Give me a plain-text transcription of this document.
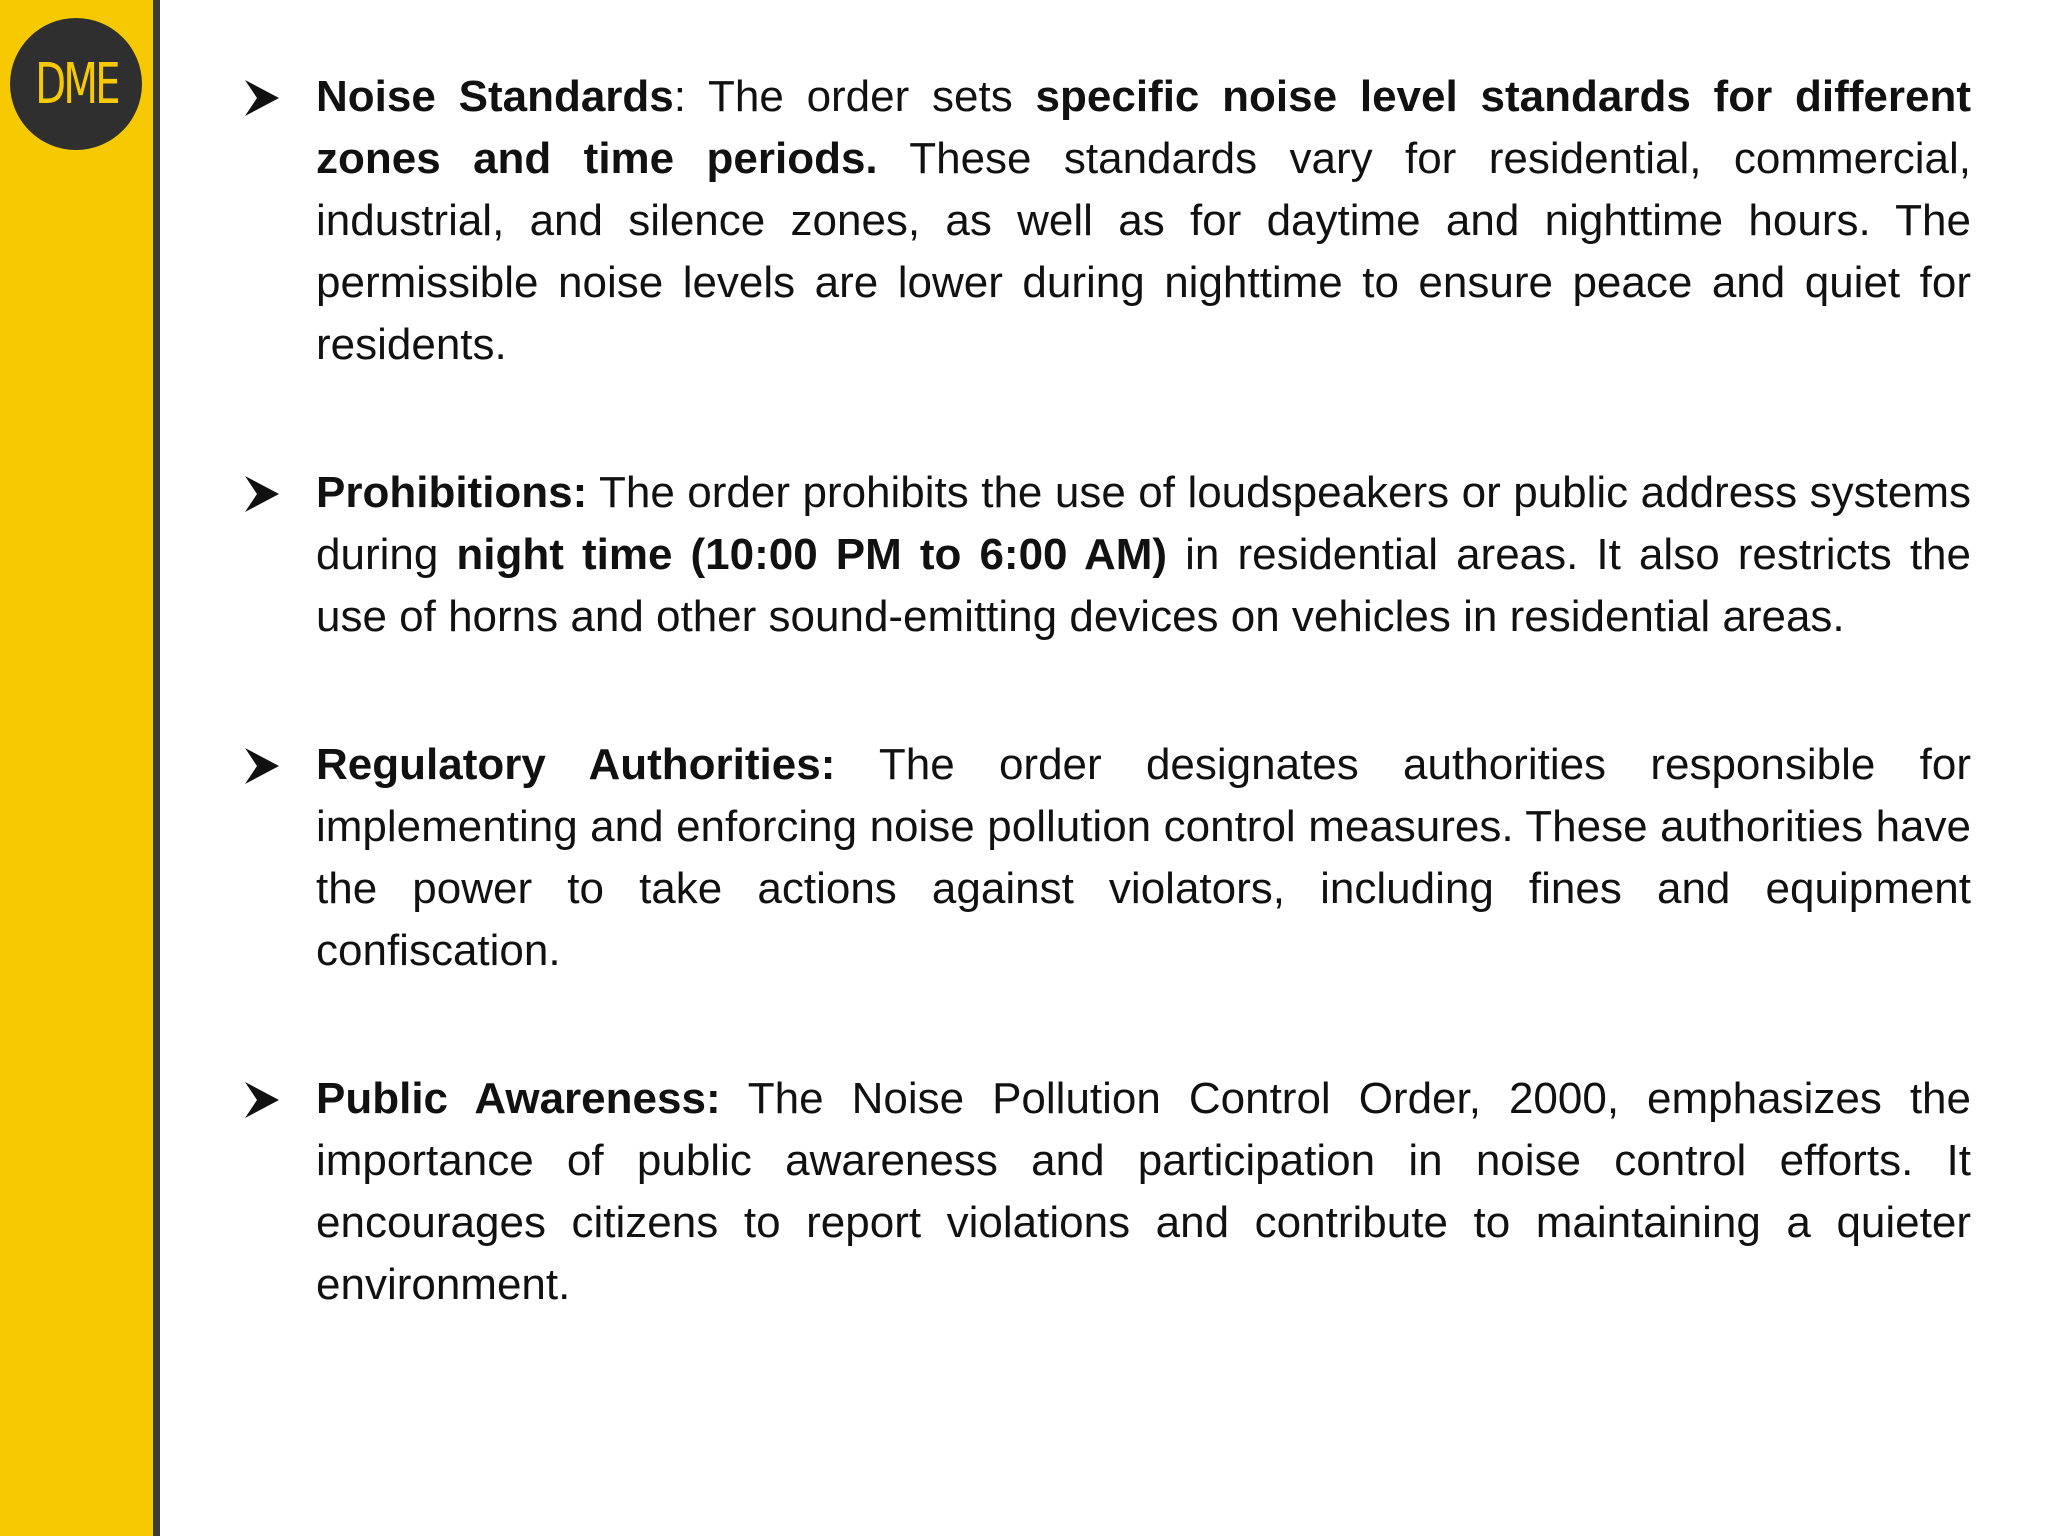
DME	Noise Standards: The order sets specific noise level standards for different zones and time periods. These standards vary for residential, commercial, industrial, and silence zones, as well as for daytime and nighttime hours. The permissible noise levels are lower during nighttime to ensure peace and quiet for residents.

Prohibitions: The order prohibits the use of loudspeakers or public address systems during night time (10:00 PM to 6:00 AM) in residential areas. It also restricts the use of horns and other sound-emitting devices on vehicles in residential areas.

Regulatory Authorities: The order designates authorities responsible for implementing and enforcing noise pollution control measures. These authorities have the power to take actions against violators, including fines and equipment confiscation.

Public Awareness: The Noise Pollution Control Order, 2000, emphasizes the importance of public awareness and participation in noise control efforts. It encourages citizens to report violations and contribute to maintaining a quieter environment.
